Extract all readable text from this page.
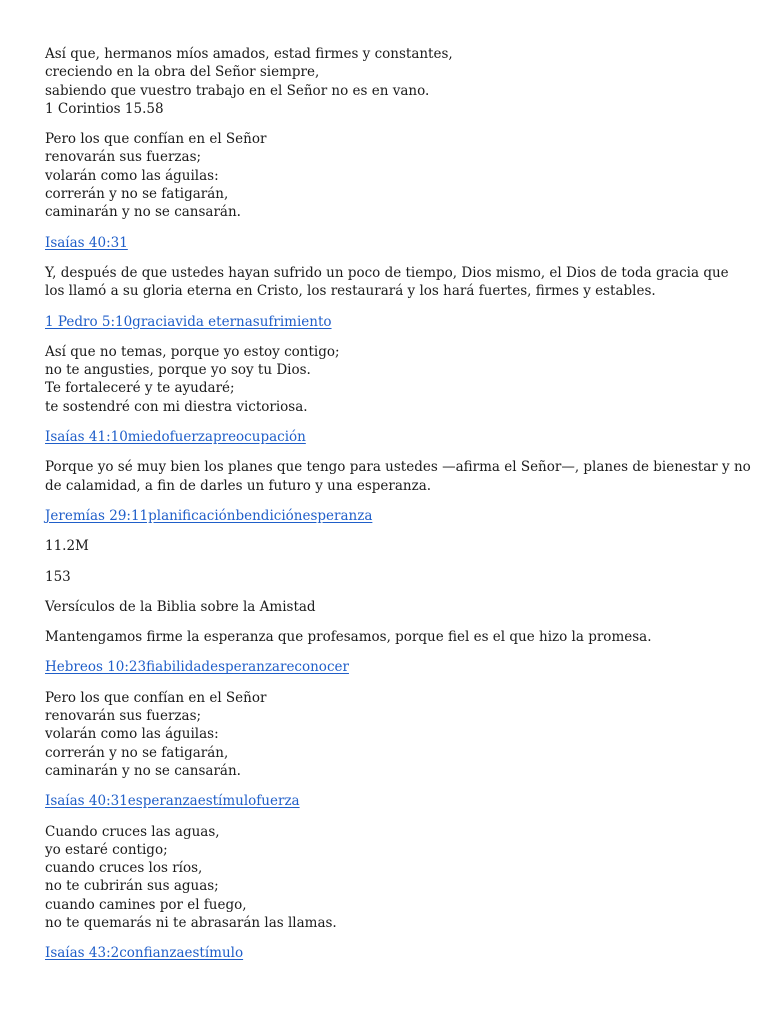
Así que, hermanos míos amados, estad firmes y constantes,
creciendo en la obra del Señor siempre,
sabiendo que vuestro trabajo en el Señor no es en vano.
1 Corintios 15.58
Pero los que confían en el Señor
renovarán sus fuerzas;
volarán como las águilas:
correrán y no se fatigarán,
caminarán y no se cansarán.
Isaías 40:31
Y, después de que ustedes hayan sufrido un poco de tiempo, Dios mismo, el Dios de toda gracia que
los llamó a su gloria eterna en Cristo, los restaurará y los hará fuertes, firmes y estables.
1 Pedro 5:10graciavida eternasufrimiento
Así que no temas, porque yo estoy contigo;
no te angusties, porque yo soy tu Dios.
Te fortaleceré y te ayudaré;
te sostendré con mi diestra victoriosa.
Isaías 41:10miedofuerzapreocupación
Porque yo sé muy bien los planes que tengo para ustedes —afirma el Señor—, planes de bienestar y no
de calamidad, a fin de darles un futuro y una esperanza.
Jeremías 29:11planificaciónbendiciónesperanza
11.2M
153
Versículos de la Biblia sobre la Amistad
Mantengamos firme la esperanza que profesamos, porque fiel es el que hizo la promesa.
Hebreos 10:23fiabilidadesperanzareconocer
Pero los que confían en el Señor
renovarán sus fuerzas;
volarán como las águilas:
correrán y no se fatigarán,
caminarán y no se cansarán.
Isaías 40:31esperanzaestímulofuerza
Cuando cruces las aguas,
yo estaré contigo;
cuando cruces los ríos,
no te cubrirán sus aguas;
cuando camines por el fuego,
no te quemarás ni te abrasarán las llamas.
Isaías 43:2confianzaestímulo
